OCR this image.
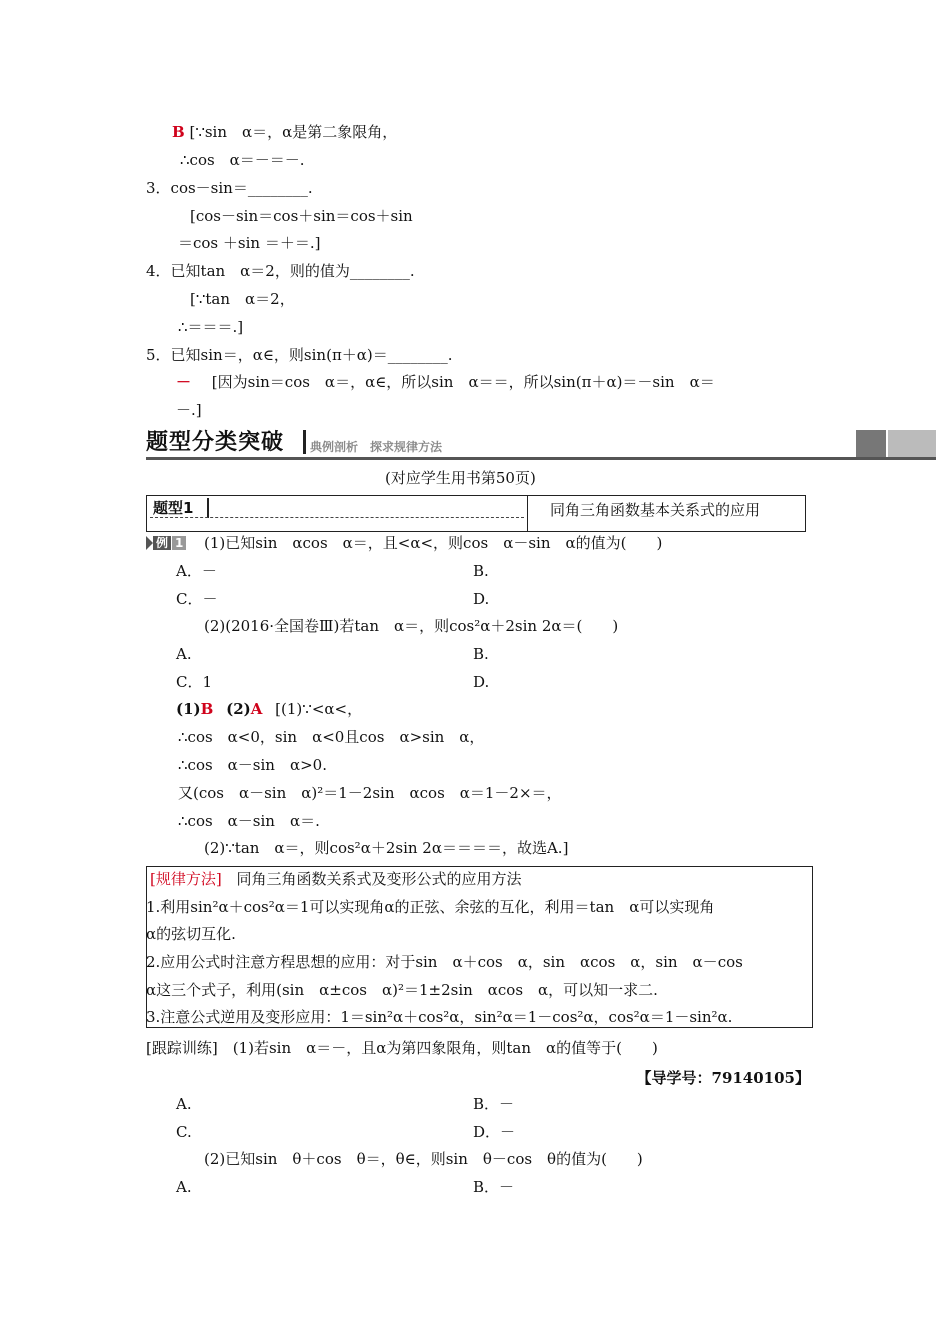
B [∵sin　α＝，α是第二象限角，
∴cos　α＝－＝－.
3．cos－sin＝________.
[cos－sin＝cos＋sin＝cos＋sin
＝cos ＋sin ＝＋＝.]
4．已知tan　α＝2，则的值为________.
[∵tan　α＝2，
∴＝＝＝.]
5．已知sin＝，α∈，则sin(π＋α)＝________.
－ [因为sin＝cos　α＝，α∈，所以sin　α＝＝，所以sin(π＋α)＝－sin　α＝
－.]
题型分类突破 典例剖析　探求规律方法
(对应学生用书第50页)
题型1	同角三角函数基本关系式的应用
例 1 (1)已知sin　αcos　α＝，且<α<，则cos　α－sin　α的值为(　　)
A．－	B.
C．－	D.
(2)(2016·全国卷Ⅲ)若tan　α＝，则cos²α＋2sin 2α＝(　　)
A.	B.
C．1	D.
(1)B (2)A [(1)∵<α<，
∴cos　α<0，sin　α<0且cos　α>sin　α，
∴cos　α－sin　α>0.
又(cos　α－sin　α)²＝1－2sin　αcos　α＝1－2×＝，
∴cos　α－sin　α＝.
(2)∵tan　α＝，则cos²α＋2sin 2α＝＝＝＝，故选A.]
[规律方法] 同角三角函数关系式及变形公式的应用方法
1.利用sin²α＋cos²α＝1可以实现角α的正弦、余弦的互化，利用＝tan　α可以实现角
α的弦切互化.
2.应用公式时注意方程思想的应用：对于sin　α＋cos　α，sin　αcos　α，sin　α－cos
α这三个式子，利用(sin　α±cos　α)²＝1±2sin　αcos　α，可以知一求二.
3.注意公式逆用及变形应用：1＝sin²α＋cos²α，sin²α＝1－cos²α，cos²α＝1－sin²α.
[跟踪训练]　(1)若sin　α＝－，且α为第四象限角，则tan　α的值等于(　　)
【导学号：79140105】
A.	B．－
C.	D．－
(2)已知sin　θ＋cos　θ＝，θ∈，则sin　θ－cos　θ的值为(　　)
A.	B．－
